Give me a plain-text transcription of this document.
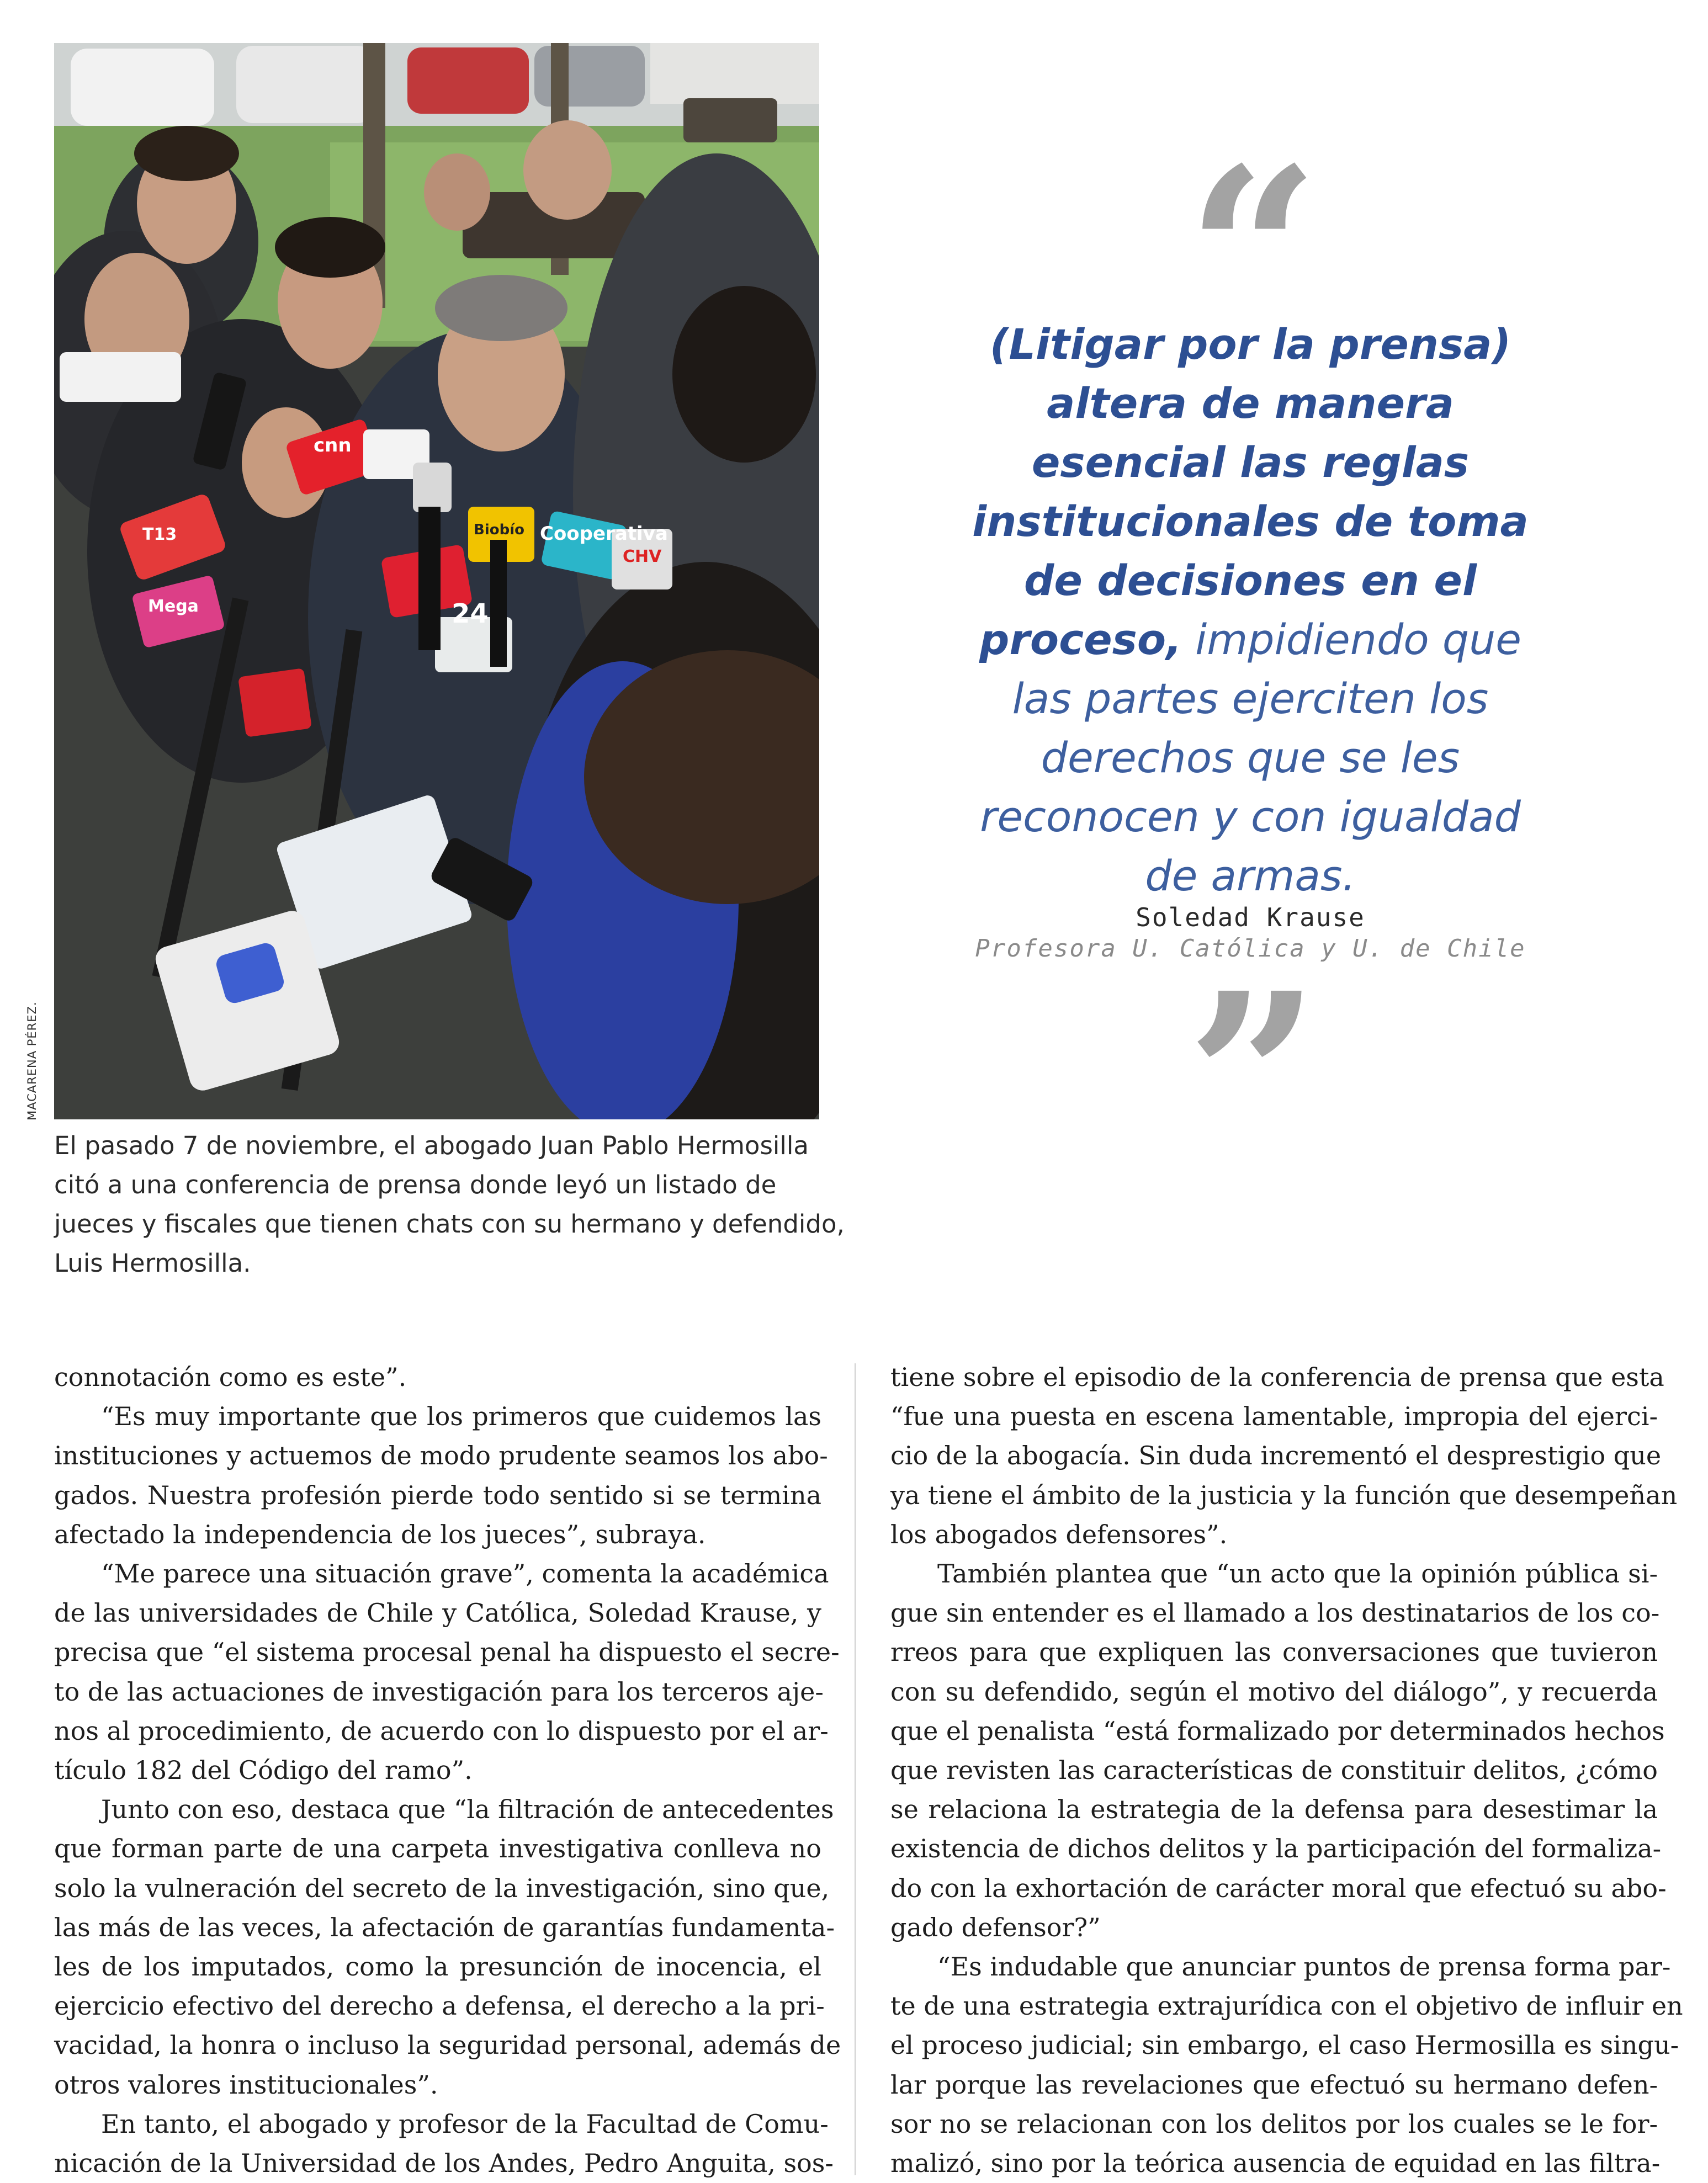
24
cnn
T13	Cooperativa
Biobío
CHV
Mega
MACARENA PÉREZ.
El pasado 7 de noviembre, el abogado Juan Pablo Hermosilla
citó a una conferencia de prensa donde leyó un listado de
jueces y fiscales que tienen chats con su hermano y defendido,
Luis Hermosilla.
“
(Litigar por la prensa)
altera de manera
esencial las reglas
institucionales de toma
de decisiones en el
proceso, impidiendo que
las partes ejerciten los
derechos que se les
reconocen y con igualdad
de armas.
Soledad Krause
Profesora U. Católica y U. de Chile
”
connotación como es este”.
“Es muy importante que los primeros que cuidemos las
instituciones y actuemos de modo prudente seamos los abo-
gados. Nuestra profesión pierde todo sentido si se termina
afectado la independencia de los jueces”, subraya.
“Me parece una situación grave”, comenta la académica
de las universidades de Chile y Católica, Soledad Krause, y
precisa que “el sistema procesal penal ha dispuesto el secre-
to de las actuaciones de investigación para los terceros aje-
nos al procedimiento, de acuerdo con lo dispuesto por el ar-
tículo 182 del Código del ramo”.
Junto con eso, destaca que “la filtración de antecedentes
que forman parte de una carpeta investigativa conlleva no
solo la vulneración del secreto de la investigación, sino que,
las más de las veces, la afectación de garantías fundamenta-
les de los imputados, como la presunción de inocencia, el
ejercicio efectivo del derecho a defensa, el derecho a la pri-
vacidad, la honra o incluso la seguridad personal, además de
otros valores institucionales”.
En tanto, el abogado y profesor de la Facultad de Comu-
nicación de la Universidad de los Andes, Pedro Anguita, sos-
tiene sobre el episodio de la conferencia de prensa que esta
“fue una puesta en escena lamentable, impropia del ejerci-
cio de la abogacía. Sin duda incrementó el desprestigio que
ya tiene el ámbito de la justicia y la función que desempeñan
los abogados defensores”.
También plantea que “un acto que la opinión pública si-
gue sin entender es el llamado a los destinatarios de los co-
rreos para que expliquen las conversaciones que tuvieron
con su defendido, según el motivo del diálogo”, y recuerda
que el penalista “está formalizado por determinados hechos
que revisten las características de constituir delitos, ¿cómo
se relaciona la estrategia de la defensa para desestimar la
existencia de dichos delitos y la participación del formaliza-
do con la exhortación de carácter moral que efectuó su abo-
gado defensor?”
“Es indudable que anunciar puntos de prensa forma par-
te de una estrategia extrajurídica con el objetivo de influir en
el proceso judicial; sin embargo, el caso Hermosilla es singu-
lar porque las revelaciones que efectuó su hermano defen-
sor no se relacionan con los delitos por los cuales se le for-
malizó, sino por la teórica ausencia de equidad en las filtra-
